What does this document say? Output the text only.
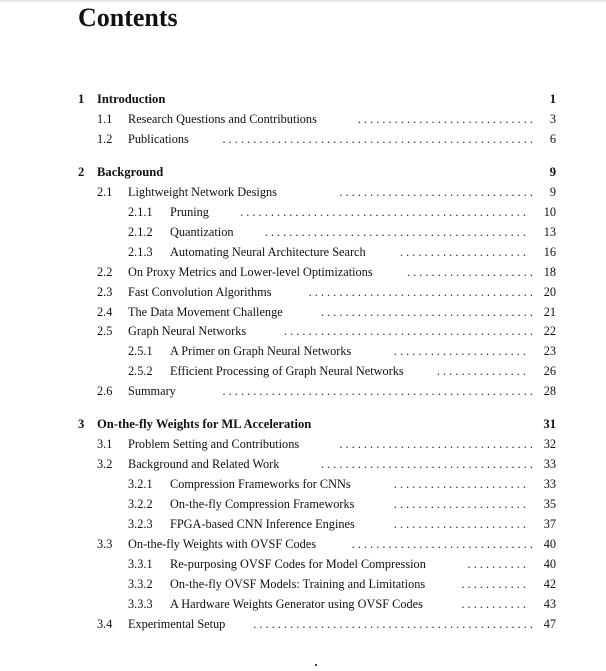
Contents
1 Introduction	1
1.1 Research Questions and Contributions	. . . . . . . . . . . . . . . . . . . . . . . . . . . . . 3
1.2 Publications	. . . . . . . . . . . . . . . . . . . . . . . . . . . . . . . . . . . . . . . . . . . . . . . . . . . 6
2 Background	9
2.1 Lightweight Network Designs	. . . . . . . . . . . . . . . . . . . . . . . . . . . . . . . . 9
2.1.1 Pruning	. . . . . . . . . . . . . . . . . . . . . . . . . . . . . . . . . . . . . . . . . . . . . . . 10
2.1.2 Quantization	. . . . . . . . . . . . . . . . . . . . . . . . . . . . . . . . . . . . . . . . . . . 13
2.1.3 Automating Neural Architecture Search	. . . . . . . . . . . . . . . . . . . . . 16
2.2 On Proxy Metrics and Lower-level Optimizations	. . . . . . . . . . . . . . . . . . . . . 18
2.3 Fast Convolution Algorithms	. . . . . . . . . . . . . . . . . . . . . . . . . . . . . . . . . . . . . 20
2.4 The Data Movement Challenge	. . . . . . . . . . . . . . . . . . . . . . . . . . . . . . . . . . . 21
2.5 Graph Neural Networks	. . . . . . . . . . . . . . . . . . . . . . . . . . . . . . . . . . . . . . . . . 22
2.5.1 A Primer on Graph Neural Networks	. . . . . . . . . . . . . . . . . . . . . . 23
2.5.2 Efficient Processing of Graph Neural Networks	. . . . . . . . . . . . . . . 26
2.6 Summary	. . . . . . . . . . . . . . . . . . . . . . . . . . . . . . . . . . . . . . . . . . . . . . . . . . . 28
3 On-the-fly Weights for ML Acceleration	31
3.1 Problem Setting and Contributions	. . . . . . . . . . . . . . . . . . . . . . . . . . . . . . . . 32
3.2 Background and Related Work	. . . . . . . . . . . . . . . . . . . . . . . . . . . . . . . . . . . 33
3.2.1 Compression Frameworks for CNNs	. . . . . . . . . . . . . . . . . . . . . . 33
3.2.2 On-the-fly Compression Frameworks	. . . . . . . . . . . . . . . . . . . . . . 35
3.2.3 FPGA-based CNN Inference Engines	. . . . . . . . . . . . . . . . . . . . . . 37
3.3 On-the-fly Weights with OVSF Codes	. . . . . . . . . . . . . . . . . . . . . . . . . . . . . . 40
3.3.1 Re-purposing OVSF Codes for Model Compression	. . . . . . . . . . 40
3.3.2 On-the-fly OVSF Models: Training and Limitations	. . . . . . . . . . . 42
3.3.3 A Hardware Weights Generator using OVSF Codes	. . . . . . . . . . . 43
3.4 Experimental Setup	. . . . . . . . . . . . . . . . . . . . . . . . . . . . . . . . . . . . . . . . . . . . . . 47
